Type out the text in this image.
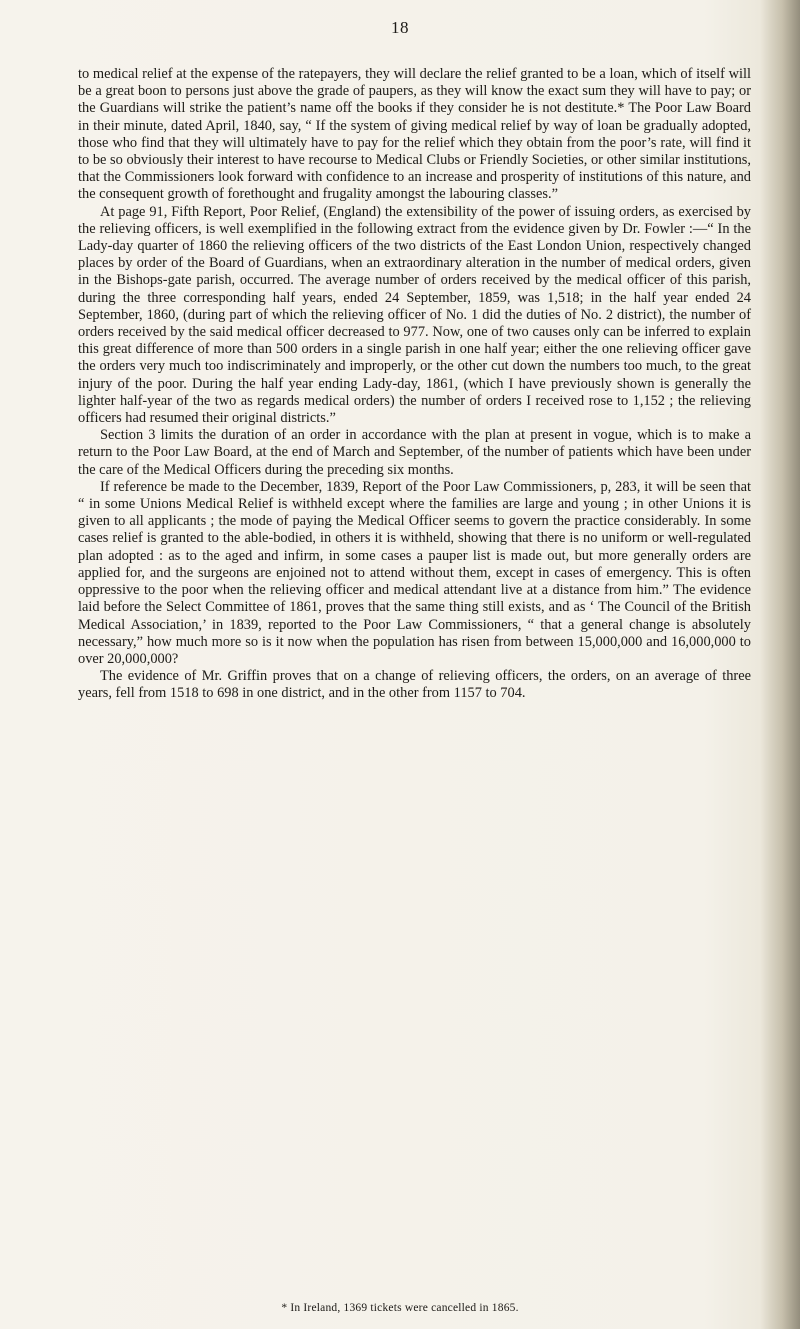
18

to medical relief at the expense of the ratepayers, they will declare the relief granted to be a loan, which of itself will be a great boon to persons just above the grade of paupers, as they will know the exact sum they will have to pay; or the Guardians will strike the patient’s name off the books if they consider he is not destitute.* The Poor Law Board in their minute, dated April, 1840, say, “ If the system of giving medical relief by way of loan be gradually adopted, those who find that they will ultimately have to pay for the relief which they obtain from the poor’s rate, will find it to be so obviously their interest to have recourse to Medical Clubs or Friendly Societies, or other similar institutions, that the Commissioners look forward with confidence to an increase and prosperity of institutions of this nature, and the consequent growth of forethought and frugality amongst the labouring classes.”

At page 91, Fifth Report, Poor Relief, (England) the extensibility of the power of issuing orders, as exercised by the relieving officers, is well exemplified in the following extract from the evidence given by Dr. Fowler :—“ In the Lady-day quarter of 1860 the relieving officers of the two districts of the East London Union, respectively changed places by order of the Board of Guardians, when an extraordinary alteration in the number of medical orders, given in the Bishops-gate parish, occurred. The average number of orders received by the medical officer of this parish, during the three corresponding half years, ended 24 September, 1859, was 1,518; in the half year ended 24 September, 1860, (during part of which the relieving officer of No. 1 did the duties of No. 2 district), the number of orders received by the said medical officer decreased to 977. Now, one of two causes only can be inferred to explain this great difference of more than 500 orders in a single parish in one half year; either the one relieving officer gave the orders very much too indiscriminately and improperly, or the other cut down the numbers too much, to the great injury of the poor. During the half year ending Lady-day, 1861, (which I have previously shown is generally the lighter half-year of the two as regards medical orders) the number of orders I received rose to 1,152 ; the relieving officers had resumed their original districts.”

Section 3 limits the duration of an order in accordance with the plan at present in vogue, which is to make a return to the Poor Law Board, at the end of March and September, of the number of patients which have been under the care of the Medical Officers during the preceding six months.

If reference be made to the December, 1839, Report of the Poor Law Commissioners, p, 283, it will be seen that “ in some Unions Medical Relief is withheld except where the families are large and young ; in other Unions it is given to all applicants ; the mode of paying the Medical Officer seems to govern the practice considerably. In some cases relief is granted to the able-bodied, in others it is withheld, showing that there is no uniform or well-regulated plan adopted : as to the aged and infirm, in some cases a pauper list is made out, but more generally orders are applied for, and the surgeons are enjoined not to attend without them, except in cases of emergency. This is often oppressive to the poor when the relieving officer and medical attendant live at a distance from him.” The evidence laid before the Select Committee of 1861, proves that the same thing still exists, and as ‘ The Council of the British Medical Association,’ in 1839, reported to the Poor Law Commissioners, “ that a general change is absolutely necessary,” how much more so is it now when the population has risen from between 15,000,000 and 16,000,000 to over 20,000,000?

The evidence of Mr. Griffin proves that on a change of relieving officers, the orders, on an average of three years, fell from 1518 to 698 in one district, and in the other from 1157 to 704.

* In Ireland, 1369 tickets were cancelled in 1865.
